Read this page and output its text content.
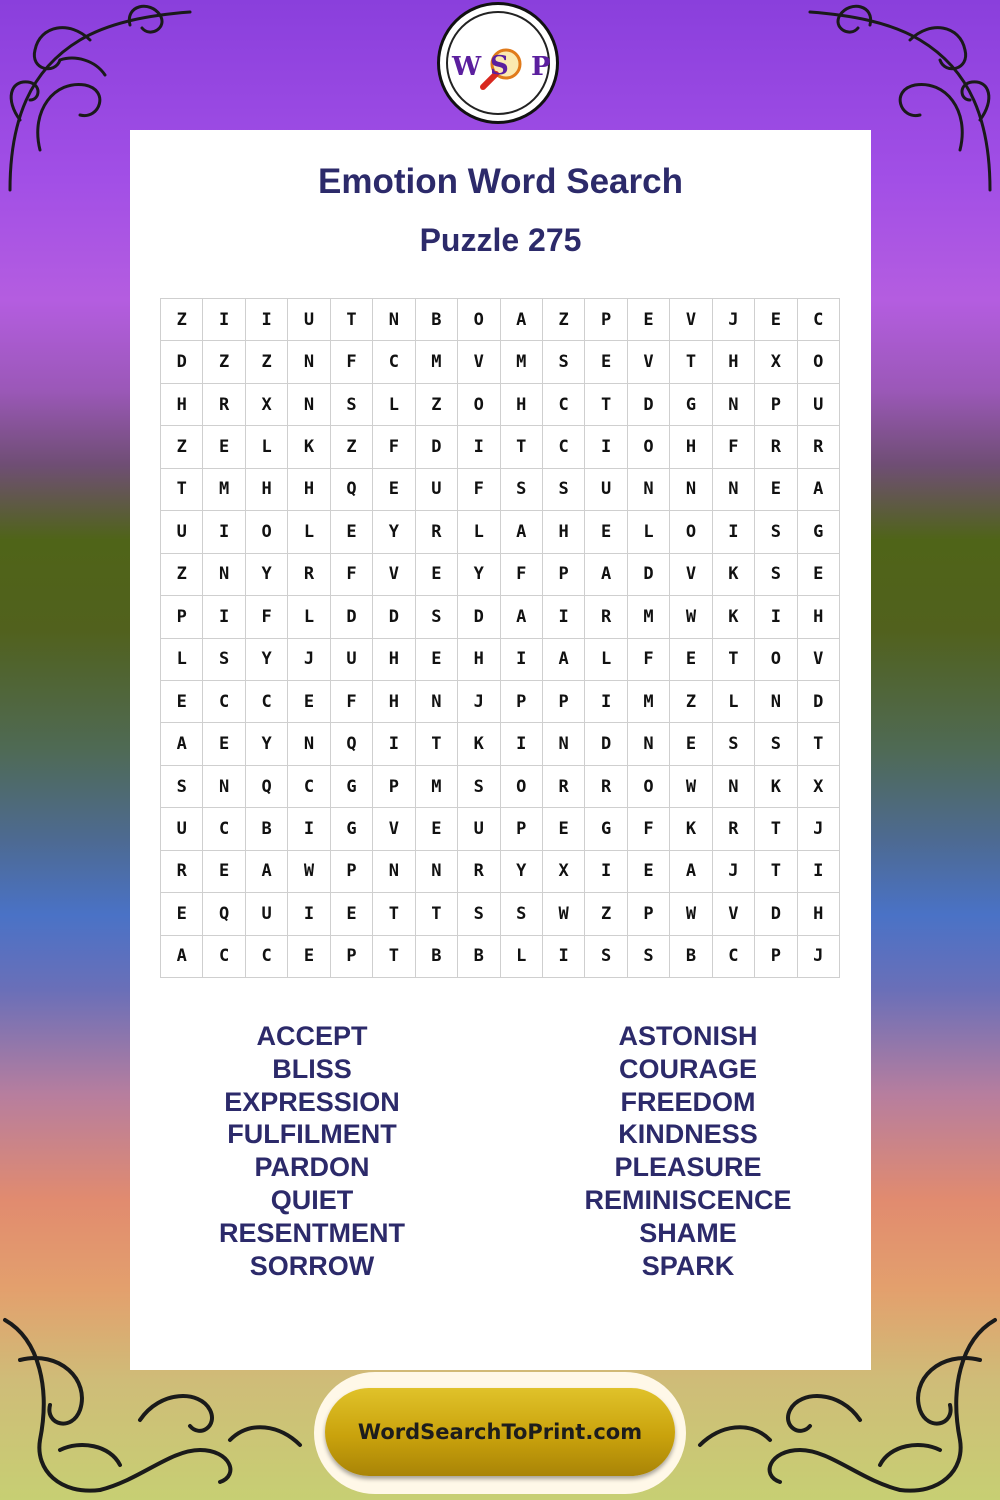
W S P
Emotion Word Search
Puzzle 275
Z	I	I	U	T	N	B	O	A	Z	P	E	V	J	E	C
D	Z	Z	N	F	C	M	V	M	S	E	V	T	H	X	O
H	R	X	N	S	L	Z	O	H	C	T	D	G	N	P	U
Z	E	L	K	Z	F	D	I	T	C	I	O	H	F	R	R
T	M	H	H	Q	E	U	F	S	S	U	N	N	N	E	A
U	I	O	L	E	Y	R	L	A	H	E	L	O	I	S	G
Z	N	Y	R	F	V	E	Y	F	P	A	D	V	K	S	E
P	I	F	L	D	D	S	D	A	I	R	M	W	K	I	H
L	S	Y	J	U	H	E	H	I	A	L	F	E	T	O	V
E	C	C	E	F	H	N	J	P	P	I	M	Z	L	N	D
A	E	Y	N	Q	I	T	K	I	N	D	N	E	S	S	T
S	N	Q	C	G	P	M	S	O	R	R	O	W	N	K	X
U	C	B	I	G	V	E	U	P	E	G	F	K	R	T	J
R	E	A	W	P	N	N	R	Y	X	I	E	A	J	T	I
E	Q	U	I	E	T	T	S	S	W	Z	P	W	V	D	H
A	C	C	E	P	T	B	B	L	I	S	S	B	C	P	J
ACCEPT
BLISS
EXPRESSION
FULFILMENT
PARDON
QUIET
RESENTMENT
SORROW
ASTONISH
COURAGE
FREEDOM
KINDNESS
PLEASURE
REMINISCENCE
SHAME
SPARK
WordSearchToPrint.com
